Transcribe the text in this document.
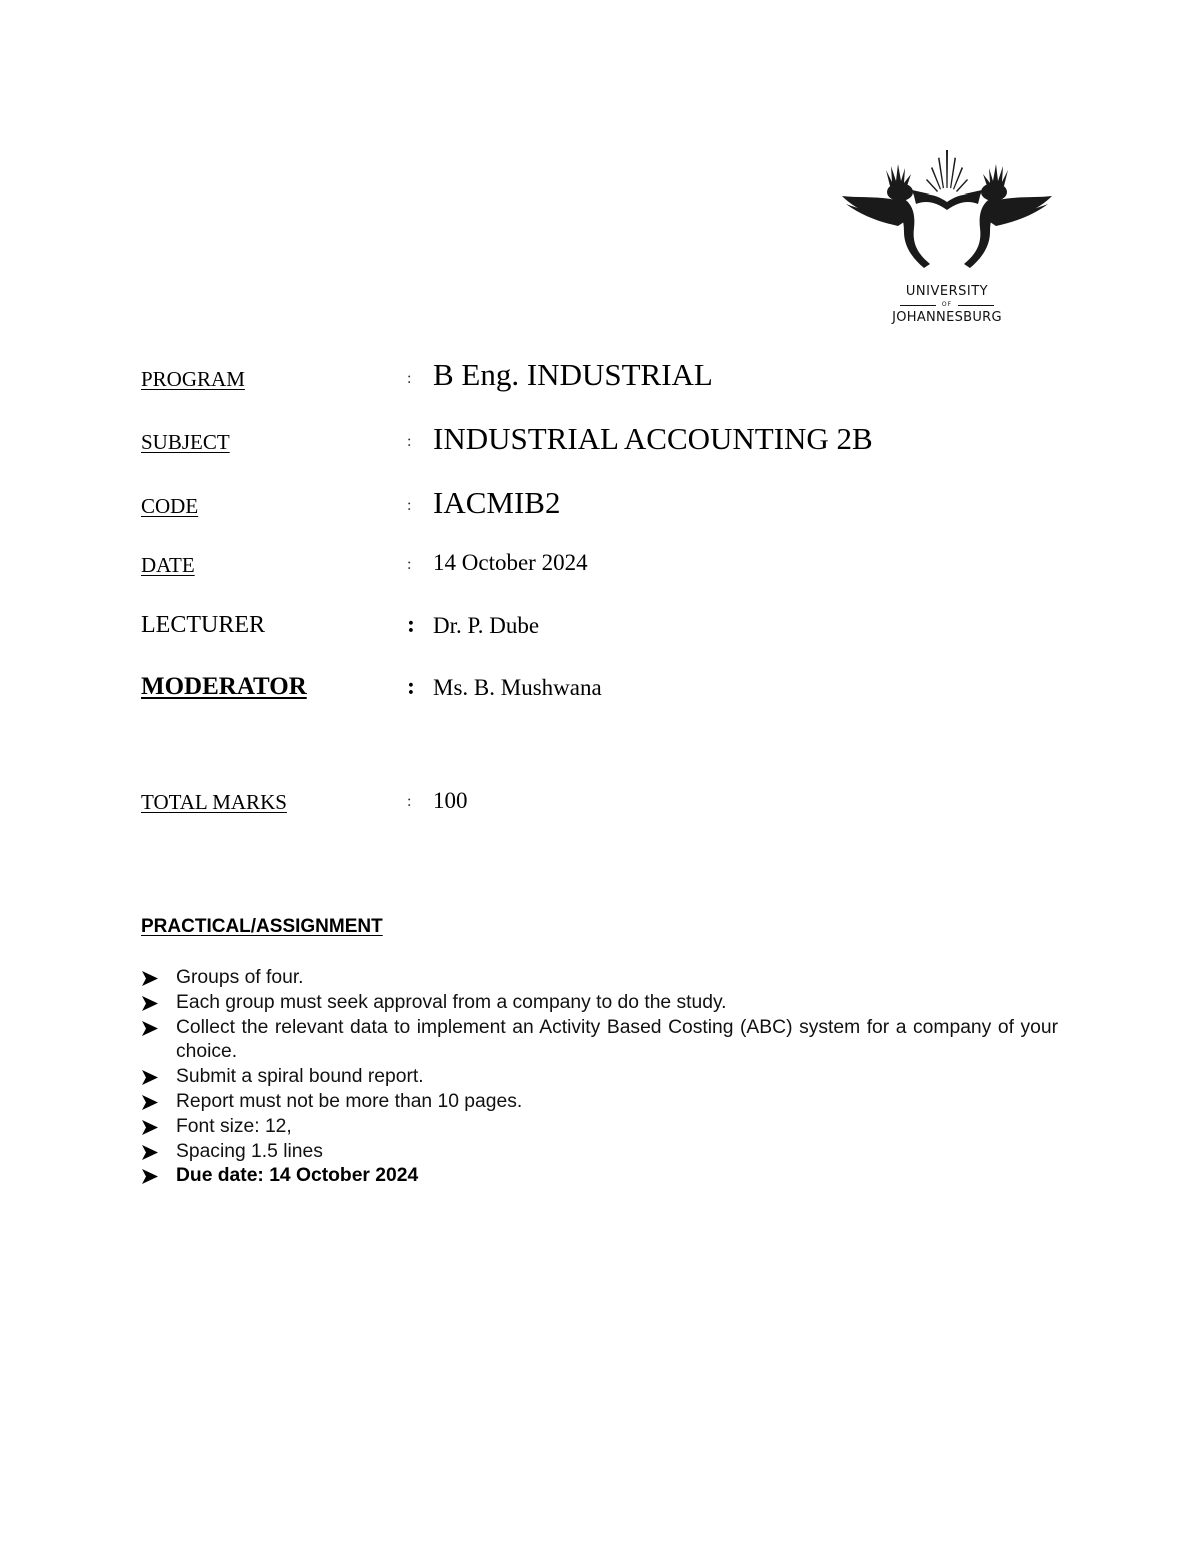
UNIVERSITY
OF
JOHANNESBURG
PROGRAM	: B Eng. INDUSTRIAL
SUBJECT	: INDUSTRIAL ACCOUNTING 2B
CODE	: IACMIB2
DATE	: 14 October 2024
LECTURER	: Dr. P. Dube
MODERATOR	: Ms. B. Mushwana
TOTAL MARKS	: 100
PRACTICAL/ASSIGNMENT
Groups of four.
Each group must seek approval from a company to do the study.
Collect the relevant data to implement an Activity Based Costing (ABC) system for a company of your choice.
Submit a spiral bound report.
Report must not be more than 10 pages.
Font size: 12,
Spacing 1.5 lines
Due date: 14 October 2024
